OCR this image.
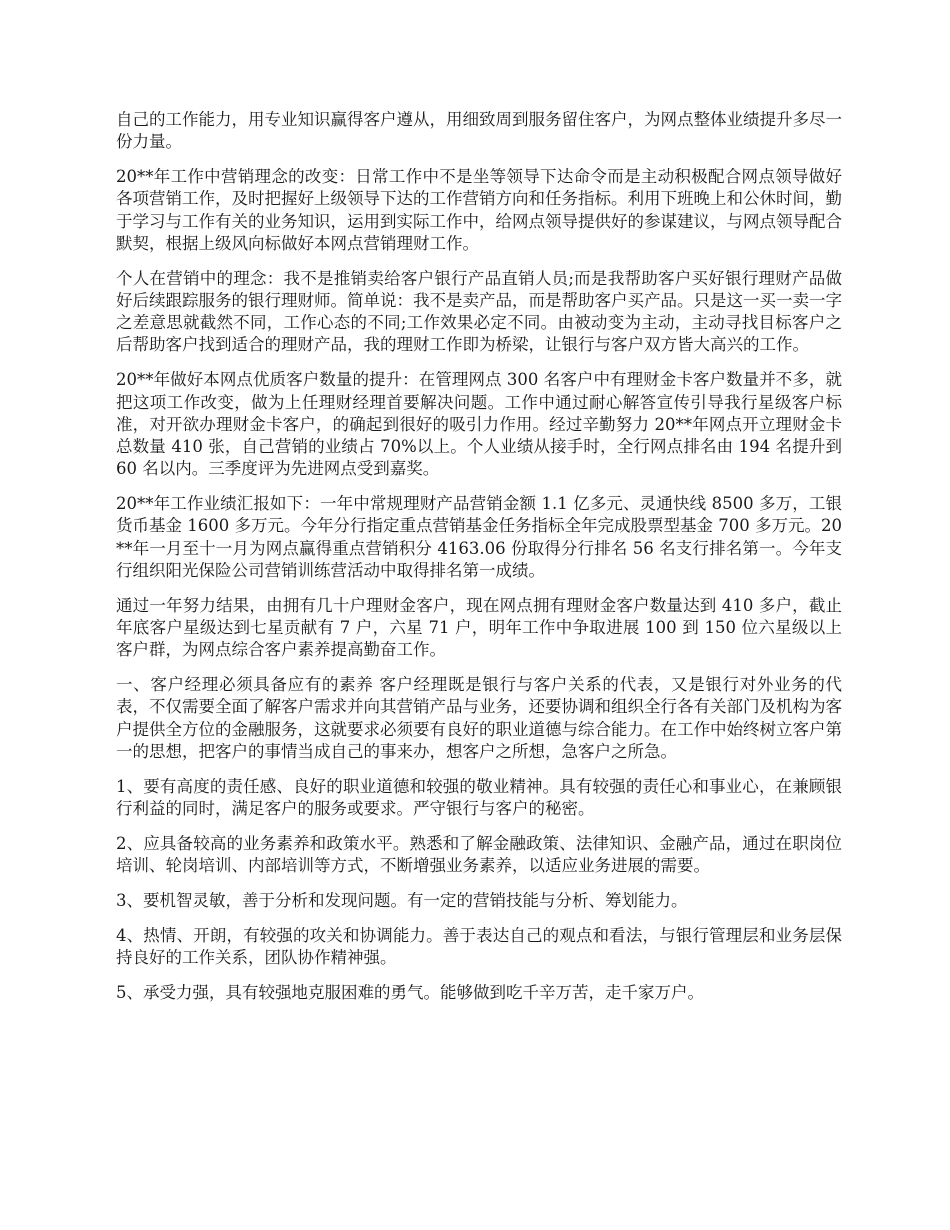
自己的工作能力，用专业知识赢得客户遵从，用细致周到服务留住客户，为网点整体业绩提升多尽一份力量。

20**年工作中营销理念的改变：日常工作中不是坐等领导下达命令而是主动积极配合网点领导做好各项营销工作，及时把握好上级领导下达的工作营销方向和任务指标。利用下班晚上和公休时间，勤于学习与工作有关的业务知识，运用到实际工作中，给网点领导提供好的参谋建议，与网点领导配合默契，根据上级风向标做好本网点营销理财工作。

个人在营销中的理念：我不是推销卖给客户银行产品直销人员;而是我帮助客户买好银行理财产品做好后续跟踪服务的银行理财师。简单说：我不是卖产品，而是帮助客户买产品。只是这一买一卖一字之差意思就截然不同，工作心态的不同;工作效果必定不同。由被动变为主动，主动寻找目标客户之后帮助客户找到适合的理财产品，我的理财工作即为桥梁，让银行与客户双方皆大高兴的工作。

20**年做好本网点优质客户数量的提升：在管理网点 300 名客户中有理财金卡客户数量并不多，就把这项工作改变，做为上任理财经理首要解决问题。工作中通过耐心解答宣传引导我行星级客户标准，对开欲办理财金卡客户，的确起到很好的吸引力作用。经过辛勤努力 20**年网点开立理财金卡总数量 410 张，自己营销的业绩占 70%以上。个人业绩从接手时，全行网点排名由 194 名提升到 60 名以内。三季度评为先进网点受到嘉奖。

20**年工作业绩汇报如下：一年中常规理财产品营销金额 1.1 亿多元、灵通快线 8500 多万，工银货币基金 1600 多万元。今年分行指定重点营销基金任务指标全年完成股票型基金 700 多万元。20**年一月至十一月为网点赢得重点营销积分 4163.06 份取得分行排名 56 名支行排名第一。今年支行组织阳光保险公司营销训练营活动中取得排名第一成绩。

通过一年努力结果，由拥有几十户理财金客户，现在网点拥有理财金客户数量达到 410 多户，截止年底客户星级达到七星贡献有 7 户，六星 71 户，明年工作中争取进展 100 到 150 位六星级以上客户群，为网点综合客户素养提高勤奋工作。

一、客户经理必须具备应有的素养 客户经理既是银行与客户关系的代表，又是银行对外业务的代表，不仅需要全面了解客户需求并向其营销产品与业务，还要协调和组织全行各有关部门及机构为客户提供全方位的金融服务，这就要求必须要有良好的职业道德与综合能力。在工作中始终树立客户第一的思想，把客户的事情当成自己的事来办，想客户之所想，急客户之所急。

1、要有高度的责任感、良好的职业道德和较强的敬业精神。具有较强的责任心和事业心，在兼顾银行利益的同时，满足客户的服务或要求。严守银行与客户的秘密。

2、应具备较高的业务素养和政策水平。熟悉和了解金融政策、法律知识、金融产品，通过在职岗位培训、轮岗培训、内部培训等方式，不断增强业务素养，以适应业务进展的需要。

3、要机智灵敏，善于分析和发现问题。有一定的营销技能与分析、筹划能力。

4、热情、开朗，有较强的攻关和协调能力。善于表达自己的观点和看法，与银行管理层和业务层保持良好的工作关系，团队协作精神强。

5、承受力强，具有较强地克服困难的勇气。能够做到吃千辛万苦，走千家万户。
